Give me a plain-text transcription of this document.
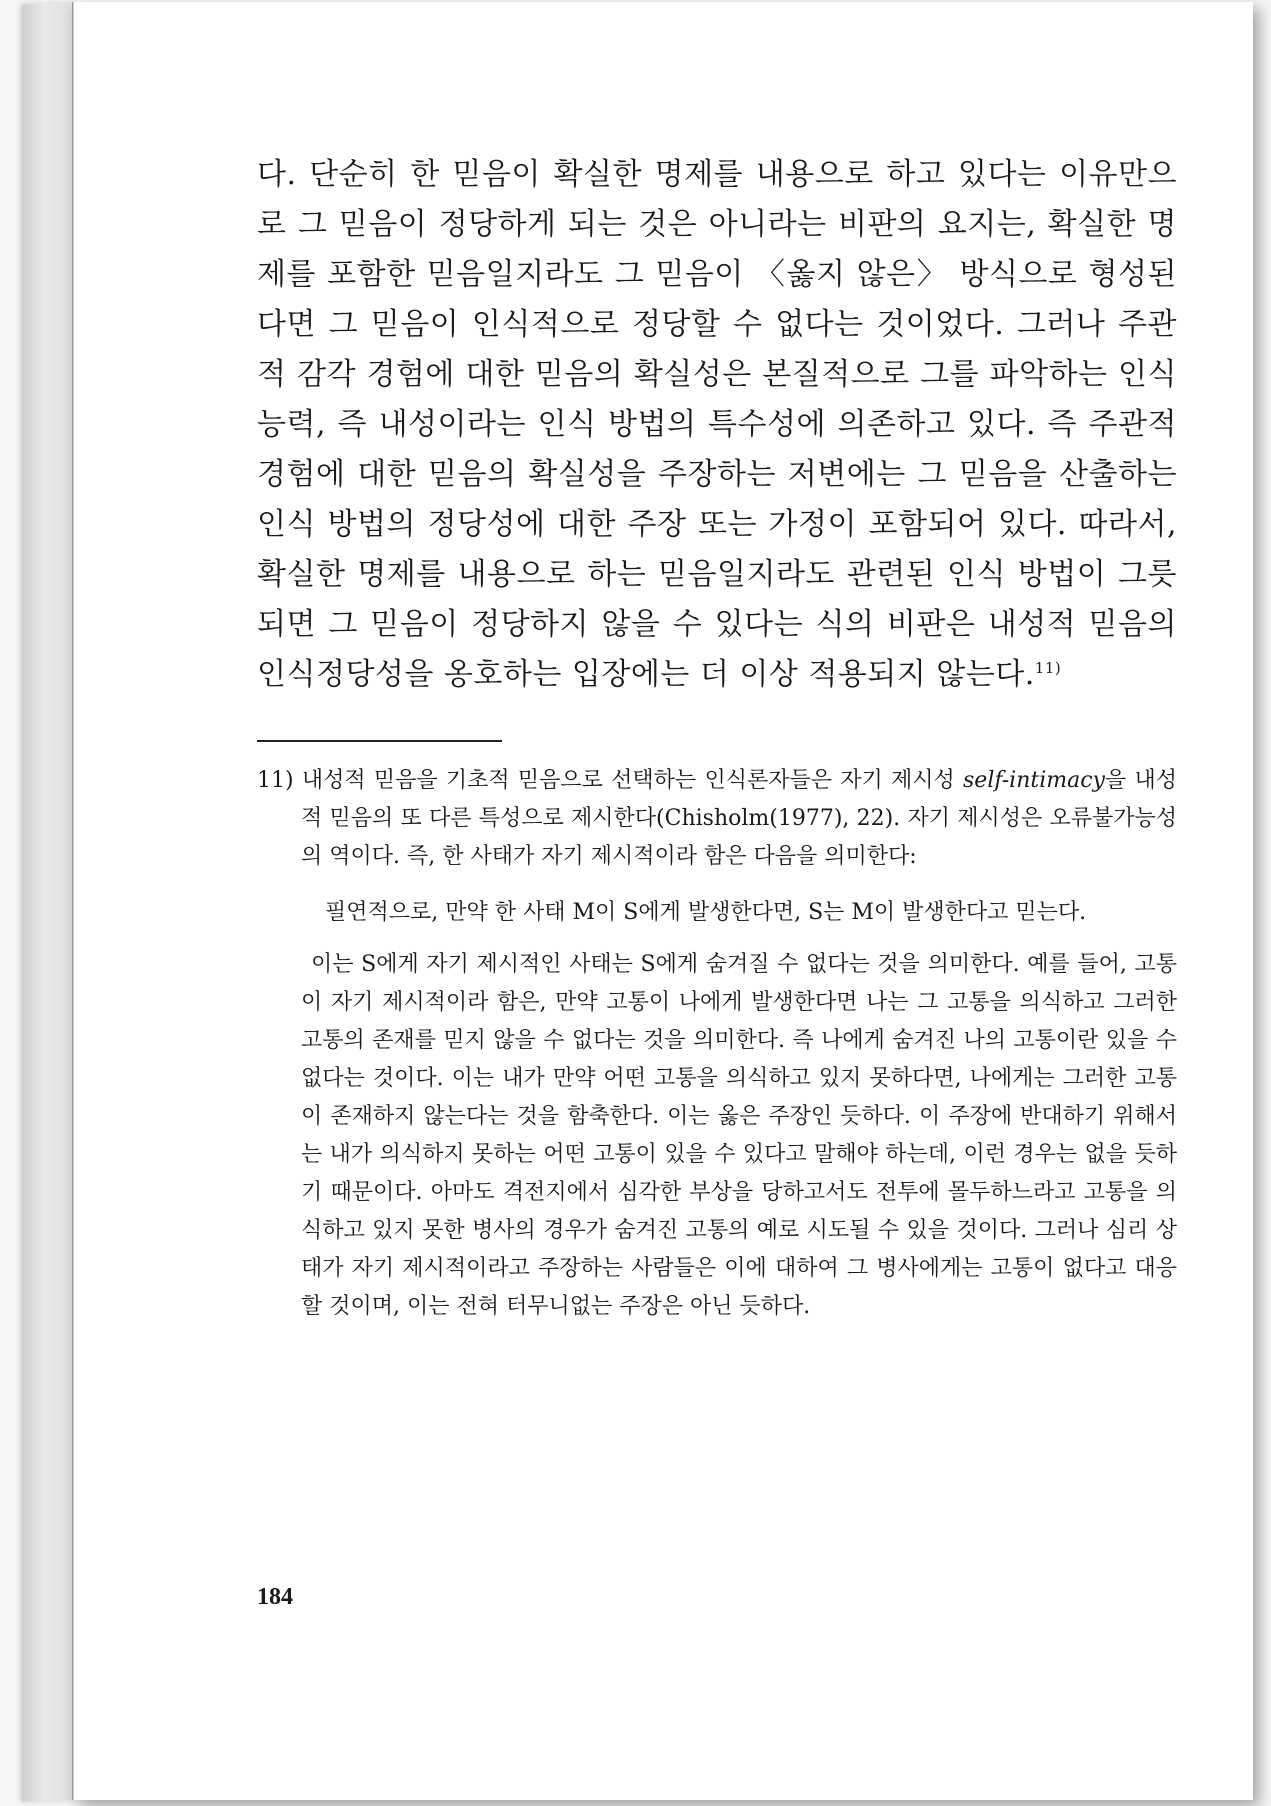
다. 단순히 한 믿음이 확실한 명제를 내용으로 하고 있다는 이유만으로 그 믿음이 정당하게 되는 것은 아니라는 비판의 요지는, 확실한 명제를 포함한 믿음일지라도 그 믿음이 〈옳지 않은〉 방식으로 형성된다면 그 믿음이 인식적으로 정당할 수 없다는 것이었다. 그러나 주관적 감각 경험에 대한 믿음의 확실성은 본질적으로 그를 파악하는 인식 능력, 즉 내성이라는 인식 방법의 특수성에 의존하고 있다. 즉 주관적 경험에 대한 믿음의 확실성을 주장하는 저변에는 그 믿음을 산출하는 인식 방법의 정당성에 대한 주장 또는 가정이 포함되어 있다. 따라서, 확실한 명제를 내용으로 하는 믿음일지라도 관련된 인식 방법이 그릇되면 그 믿음이 정당하지 않을 수 있다는 식의 비판은 내성적 믿음의 인식정당성을 옹호하는 입장에는 더 이상 적용되지 않는다.$^{11)}$

11) 내성적 믿음을 기초적 믿음으로 선택하는 인식론자들은 자기 제시성 self-intimacy을 내성적 믿음의 또 다른 특성으로 제시한다(Chisholm(1977), 22). 자기 제시성은 오류불가능성의 역이다. 즉, 한 사태가 자기 제시적이라 함은 다음을 의미한다:

필연적으로, 만약 한 사태 M이 S에게 발생한다면, S는 M이 발생한다고 믿는다.

이는 S에게 자기 제시적인 사태는 S에게 숨겨질 수 없다는 것을 의미한다. 예를 들어, 고통이 자기 제시적이라 함은, 만약 고통이 나에게 발생한다면 나는 그 고통을 의식하고 그러한 고통의 존재를 믿지 않을 수 없다는 것을 의미한다. 즉 나에게 숨겨진 나의 고통이란 있을 수 없다는 것이다. 이는 내가 만약 어떤 고통을 의식하고 있지 못하다면, 나에게는 그러한 고통이 존재하지 않는다는 것을 함축한다. 이는 옳은 주장인 듯하다. 이 주장에 반대하기 위해서는 내가 의식하지 못하는 어떤 고통이 있을 수 있다고 말해야 하는데, 이런 경우는 없을 듯하기 때문이다. 아마도 격전지에서 심각한 부상을 당하고서도 전투에 몰두하느라고 고통을 의식하고 있지 못한 병사의 경우가 숨겨진 고통의 예로 시도될 수 있을 것이다. 그러나 심리 상태가 자기 제시적이라고 주장하는 사람들은 이에 대하여 그 병사에게는 고통이 없다고 대응할 것이며, 이는 전혀 터무니없는 주장은 아닌 듯하다.

184
